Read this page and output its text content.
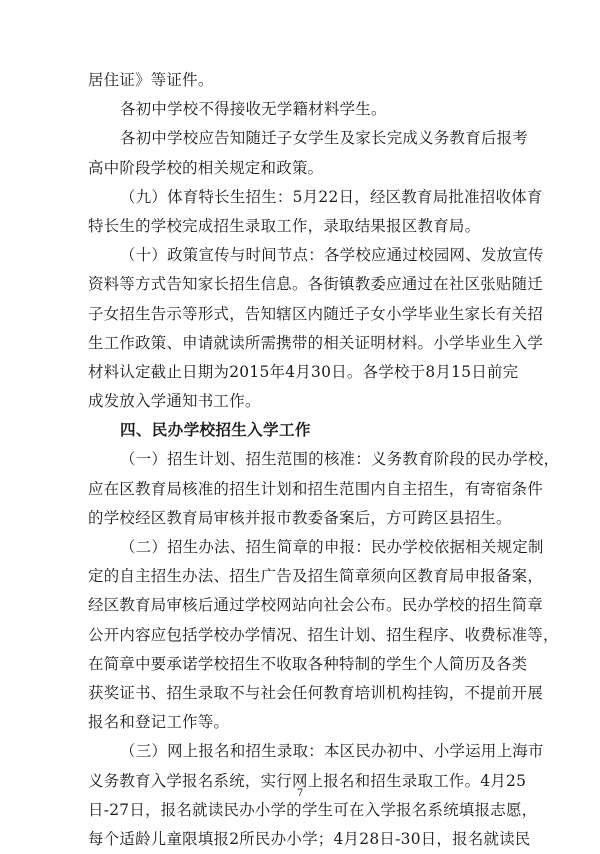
居住证》等证件。
各初中学校不得接收无学籍材料学生。
各初中学校应告知随迁子女学生及家长完成义务教育后报考
高中阶段学校的相关规定和政策。
（九）体育特长生招生：5月22日，经区教育局批准招收体育
特长生的学校完成招生录取工作，录取结果报区教育局。
（十）政策宣传与时间节点：各学校应通过校园网、发放宣传
资料等方式告知家长招生信息。各街镇教委应通过在社区张贴随迁
子女招生告示等形式，告知辖区内随迁子女小学毕业生家长有关招
生工作政策、申请就读所需携带的相关证明材料。小学毕业生入学
材料认定截止日期为2015年4月30日。各学校于8月15日前完
成发放入学通知书工作。
四、民办学校招生入学工作
（一）招生计划、招生范围的核准：义务教育阶段的民办学校，
应在区教育局核准的招生计划和招生范围内自主招生，有寄宿条件
的学校经区教育局审核并报市教委备案后，方可跨区县招生。
（二）招生办法、招生简章的申报：民办学校依据相关规定制
定的自主招生办法、招生广告及招生简章须向区教育局申报备案，
经区教育局审核后通过学校网站向社会公布。民办学校的招生简章
公开内容应包括学校办学情况、招生计划、招生程序、收费标准等，
在简章中要承诺学校招生不收取各种特制的学生个人简历及各类
获奖证书、招生录取不与社会任何教育培训机构挂钩，不提前开展
报名和登记工作等。
（三）网上报名和招生录取：本区民办初中、小学运用上海市
义务教育入学报名系统，实行网上报名和招生录取工作。4月25
日-27日，报名就读民办小学的学生可在入学报名系统填报志愿，
每个适龄儿童限填报2所民办小学；4月28日-30日，报名就读民
7
